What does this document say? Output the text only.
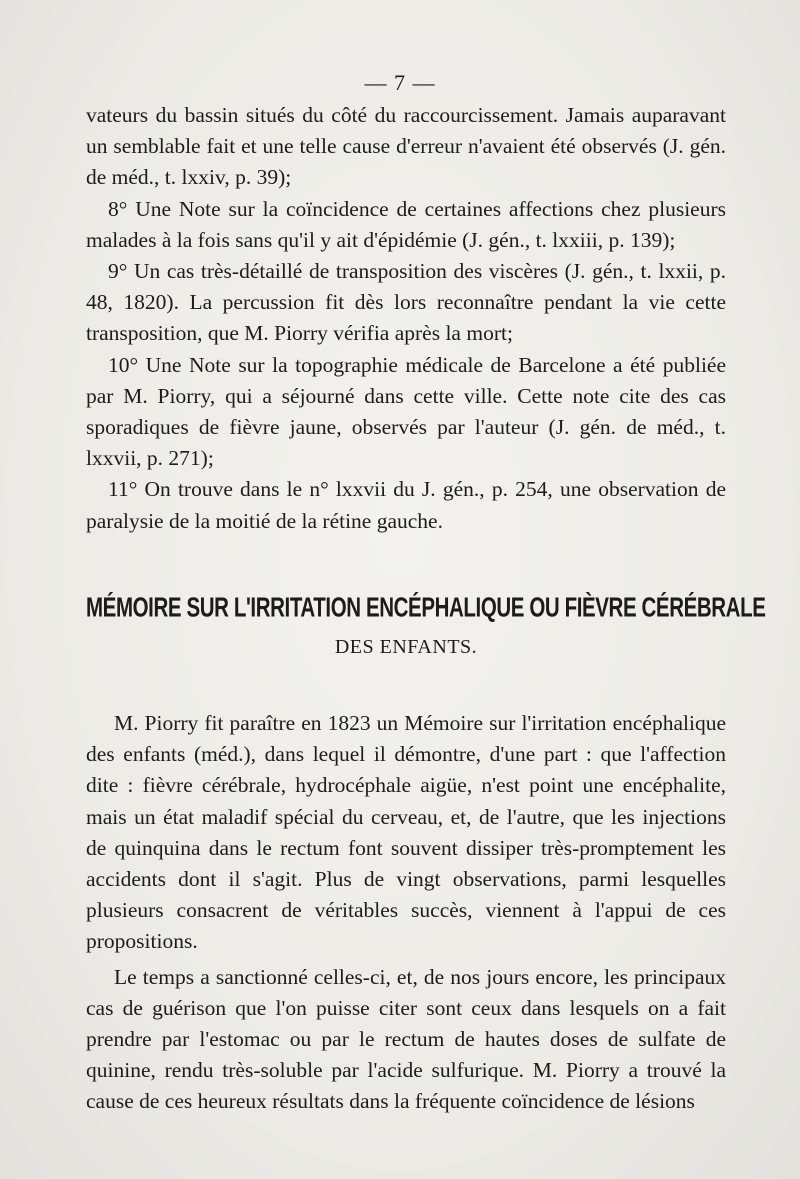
— 7 —

vateurs du bassin situés du côté du raccourcissement. Jamais auparavant un semblable fait et une telle cause d'erreur n'avaient été observés (J. gén. de méd., t. lxxiv, p. 39);

8° Une Note sur la coïncidence de certaines affections chez plusieurs malades à la fois sans qu'il y ait d'épidémie (J. gén., t. lxxiii, p. 139);

9° Un cas très-détaillé de transposition des viscères (J. gén., t. lxxii, p. 48, 1820). La percussion fit dès lors reconnaître pendant la vie cette transposition, que M. Piorry vérifia après la mort;

10° Une Note sur la topographie médicale de Barcelone a été publiée par M. Piorry, qui a séjourné dans cette ville. Cette note cite des cas sporadiques de fièvre jaune, observés par l'auteur (J. gén. de méd., t. lxxvii, p. 271);

11° On trouve dans le n° lxxvii du J. gén., p. 254, une observation de paralysie de la moitié de la rétine gauche.

MÉMOIRE SUR L'IRRITATION ENCÉPHALIQUE OU FIÈVRE CÉRÉBRALE
DES ENFANTS.

M. Piorry fit paraître en 1823 un Mémoire sur l'irritation encéphalique des enfants (méd.), dans lequel il démontre, d'une part : que l'affection dite : fièvre cérébrale, hydrocéphale aigüe, n'est point une encéphalite, mais un état maladif spécial du cerveau, et, de l'autre, que les injections de quinquina dans le rectum font souvent dissiper très-promptement les accidents dont il s'agit. Plus de vingt observations, parmi lesquelles plusieurs consacrent de véritables succès, viennent à l'appui de ces propositions.

Le temps a sanctionné celles-ci, et, de nos jours encore, les principaux cas de guérison que l'on puisse citer sont ceux dans lesquels on a fait prendre par l'estomac ou par le rectum de hautes doses de sulfate de quinine, rendu très-soluble par l'acide sulfurique. M. Piorry a trouvé la cause de ces heureux résultats dans la fréquente coïncidence de lésions
